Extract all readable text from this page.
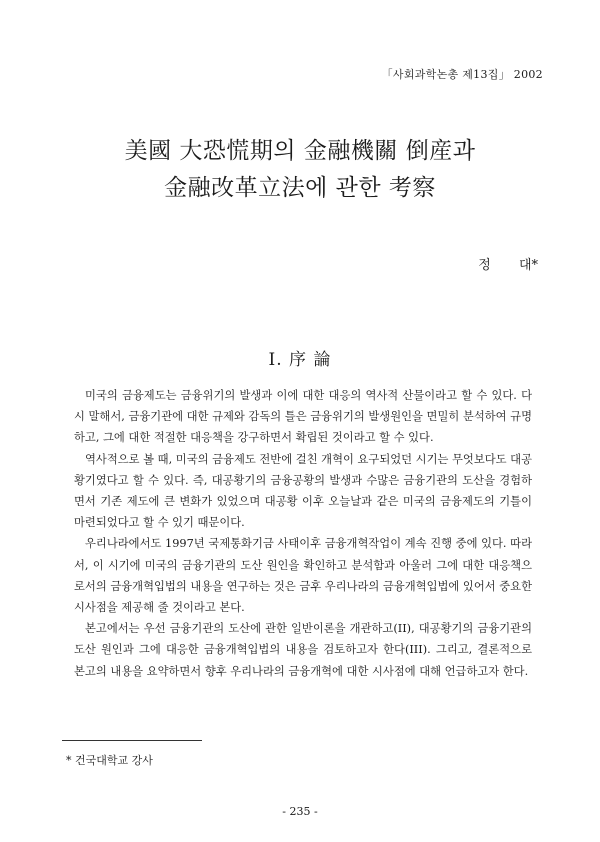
「사회과학논총 제13집」 2002
美國 大恐慌期의 金融機關 倒産과
金融改革立法에 관한 考察
정 대*
I. 序 論

미국의 금융제도는 금융위기의 발생과 이에 대한 대응의 역사적 산물이라고 할 수 있다. 다시 말해서, 금융기관에 대한 규제와 감독의 틀은 금융위기의 발생원인을 면밀히 분석하여 규명하고, 그에 대한 적절한 대응책을 강구하면서 확립된 것이라고 할 수 있다.

역사적으로 볼 때, 미국의 금융제도 전반에 걸친 개혁이 요구되었던 시기는 무엇보다도 대공황기였다고 할 수 있다. 즉, 대공황기의 금융공황의 발생과 수많은 금융기관의 도산을 경험하면서 기존 제도에 큰 변화가 있었으며 대공황 이후 오늘날과 같은 미국의 금융제도의 기틀이 마련되었다고 할 수 있기 때문이다.

우리나라에서도 1997년 국제통화기금 사태이후 금융개혁작업이 계속 진행 중에 있다. 따라서, 이 시기에 미국의 금융기관의 도산 원인을 확인하고 분석함과 아울러 그에 대한 대응책으로서의 금융개혁입법의 내용을 연구하는 것은 금후 우리나라의 금융개혁입법에 있어서 중요한 시사점을 제공해 줄 것이라고 본다.

본고에서는 우선 금융기관의 도산에 관한 일반이론을 개관하고(II), 대공황기의 금융기관의 도산 원인과 그에 대응한 금융개혁입법의 내용을 검토하고자 한다(III). 그리고, 결론적으로 본고의 내용을 요약하면서 향후 우리나라의 금융개혁에 대한 시사점에 대해 언급하고자 한다.

* 건국대학교 강사
- 235 -
